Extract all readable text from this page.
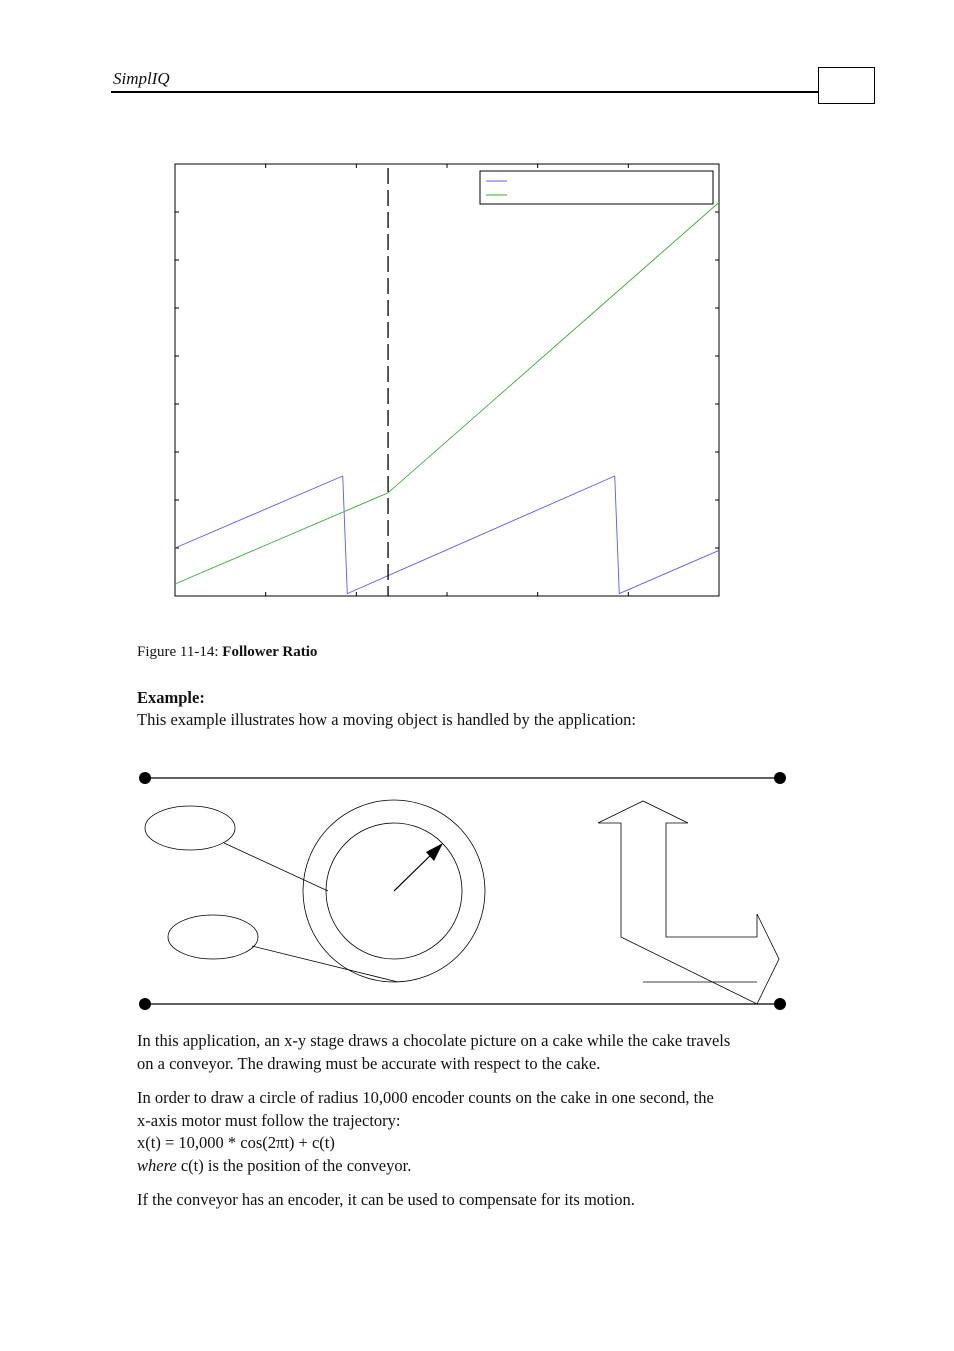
SimplIQ
Figure 11-14: Follower Ratio
Example:
This example illustrates how a moving object is handled by the application:
In this application, an x-y stage draws a chocolate picture on a cake while the cake travels
on a conveyor. The drawing must be accurate with respect to the cake.
In order to draw a circle of radius 10,000 encoder counts on the cake in one second, the
x-axis motor must follow the trajectory:
x(t) = 10,000 * cos(2πt) + c(t)
where c(t) is the position of the conveyor.
If the conveyor has an encoder, it can be used to compensate for its motion.
